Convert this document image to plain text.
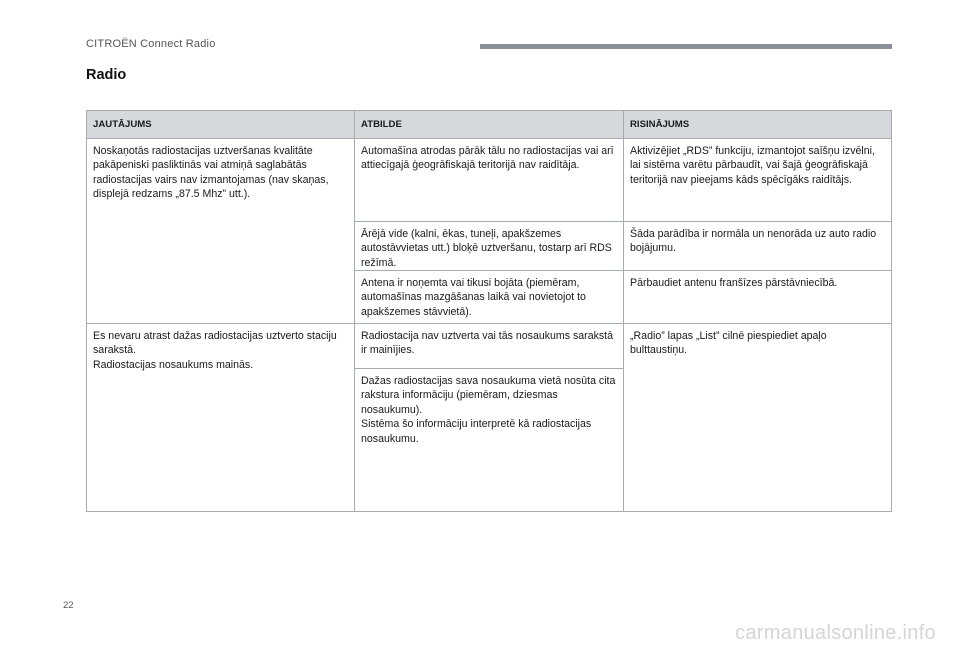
CITROËN Connect Radio
Radio
JAUTĀJUMS	ATBILDE	RISINĀJUMS
Noskaņotās radiostacijas uztveršanas kvalitāte pakāpeniski pasliktinās vai atmiņā saglabātās radiostacijas vairs nav izmantojamas (nav skaņas, displejā redzams „87.5 Mhz” utt.).
Automašīna atrodas pārāk tālu no radiostacijas vai arī attiecīgajā ģeogrāfiskajā teritorijā nav raidītāja.
Aktivizējiet „RDS” funkciju, izmantojot saīšņu izvēlni, lai sistēma varētu pārbaudīt, vai šajā ģeogrāfiskajā teritorijā nav pieejams kāds spēcīgāks raidītājs.
Ārējā vide (kalni, ēkas, tuneļi, apakšzemes autostāvvietas utt.) bloķē uztveršanu, tostarp arī RDS režīmā.
Šāda parādība ir normāla un nenorāda uz auto radio bojājumu.
Antena ir noņemta vai tikusi bojāta (piemēram, automašīnas mazgāšanas laikā vai novietojot to apakšzemes stāvvietā).
Pārbaudiet antenu franšīzes pārstāvniecībā.
Es nevaru atrast dažas radiostacijas uztverto staciju sarakstā.
Radiostacijas nosaukums mainās.
Radiostacija nav uztverta vai tās nosaukums sarakstā ir mainījies.
Dažas radiostacijas sava nosaukuma vietā nosūta cita rakstura informāciju (piemēram, dziesmas nosaukumu).
Sistēma šo informāciju interpretē kā radiostacijas nosaukumu.
„Radio” lapas „List” cilnē piespiediet apaļo bulttaustiņu.
22
carmanualsonline.info
